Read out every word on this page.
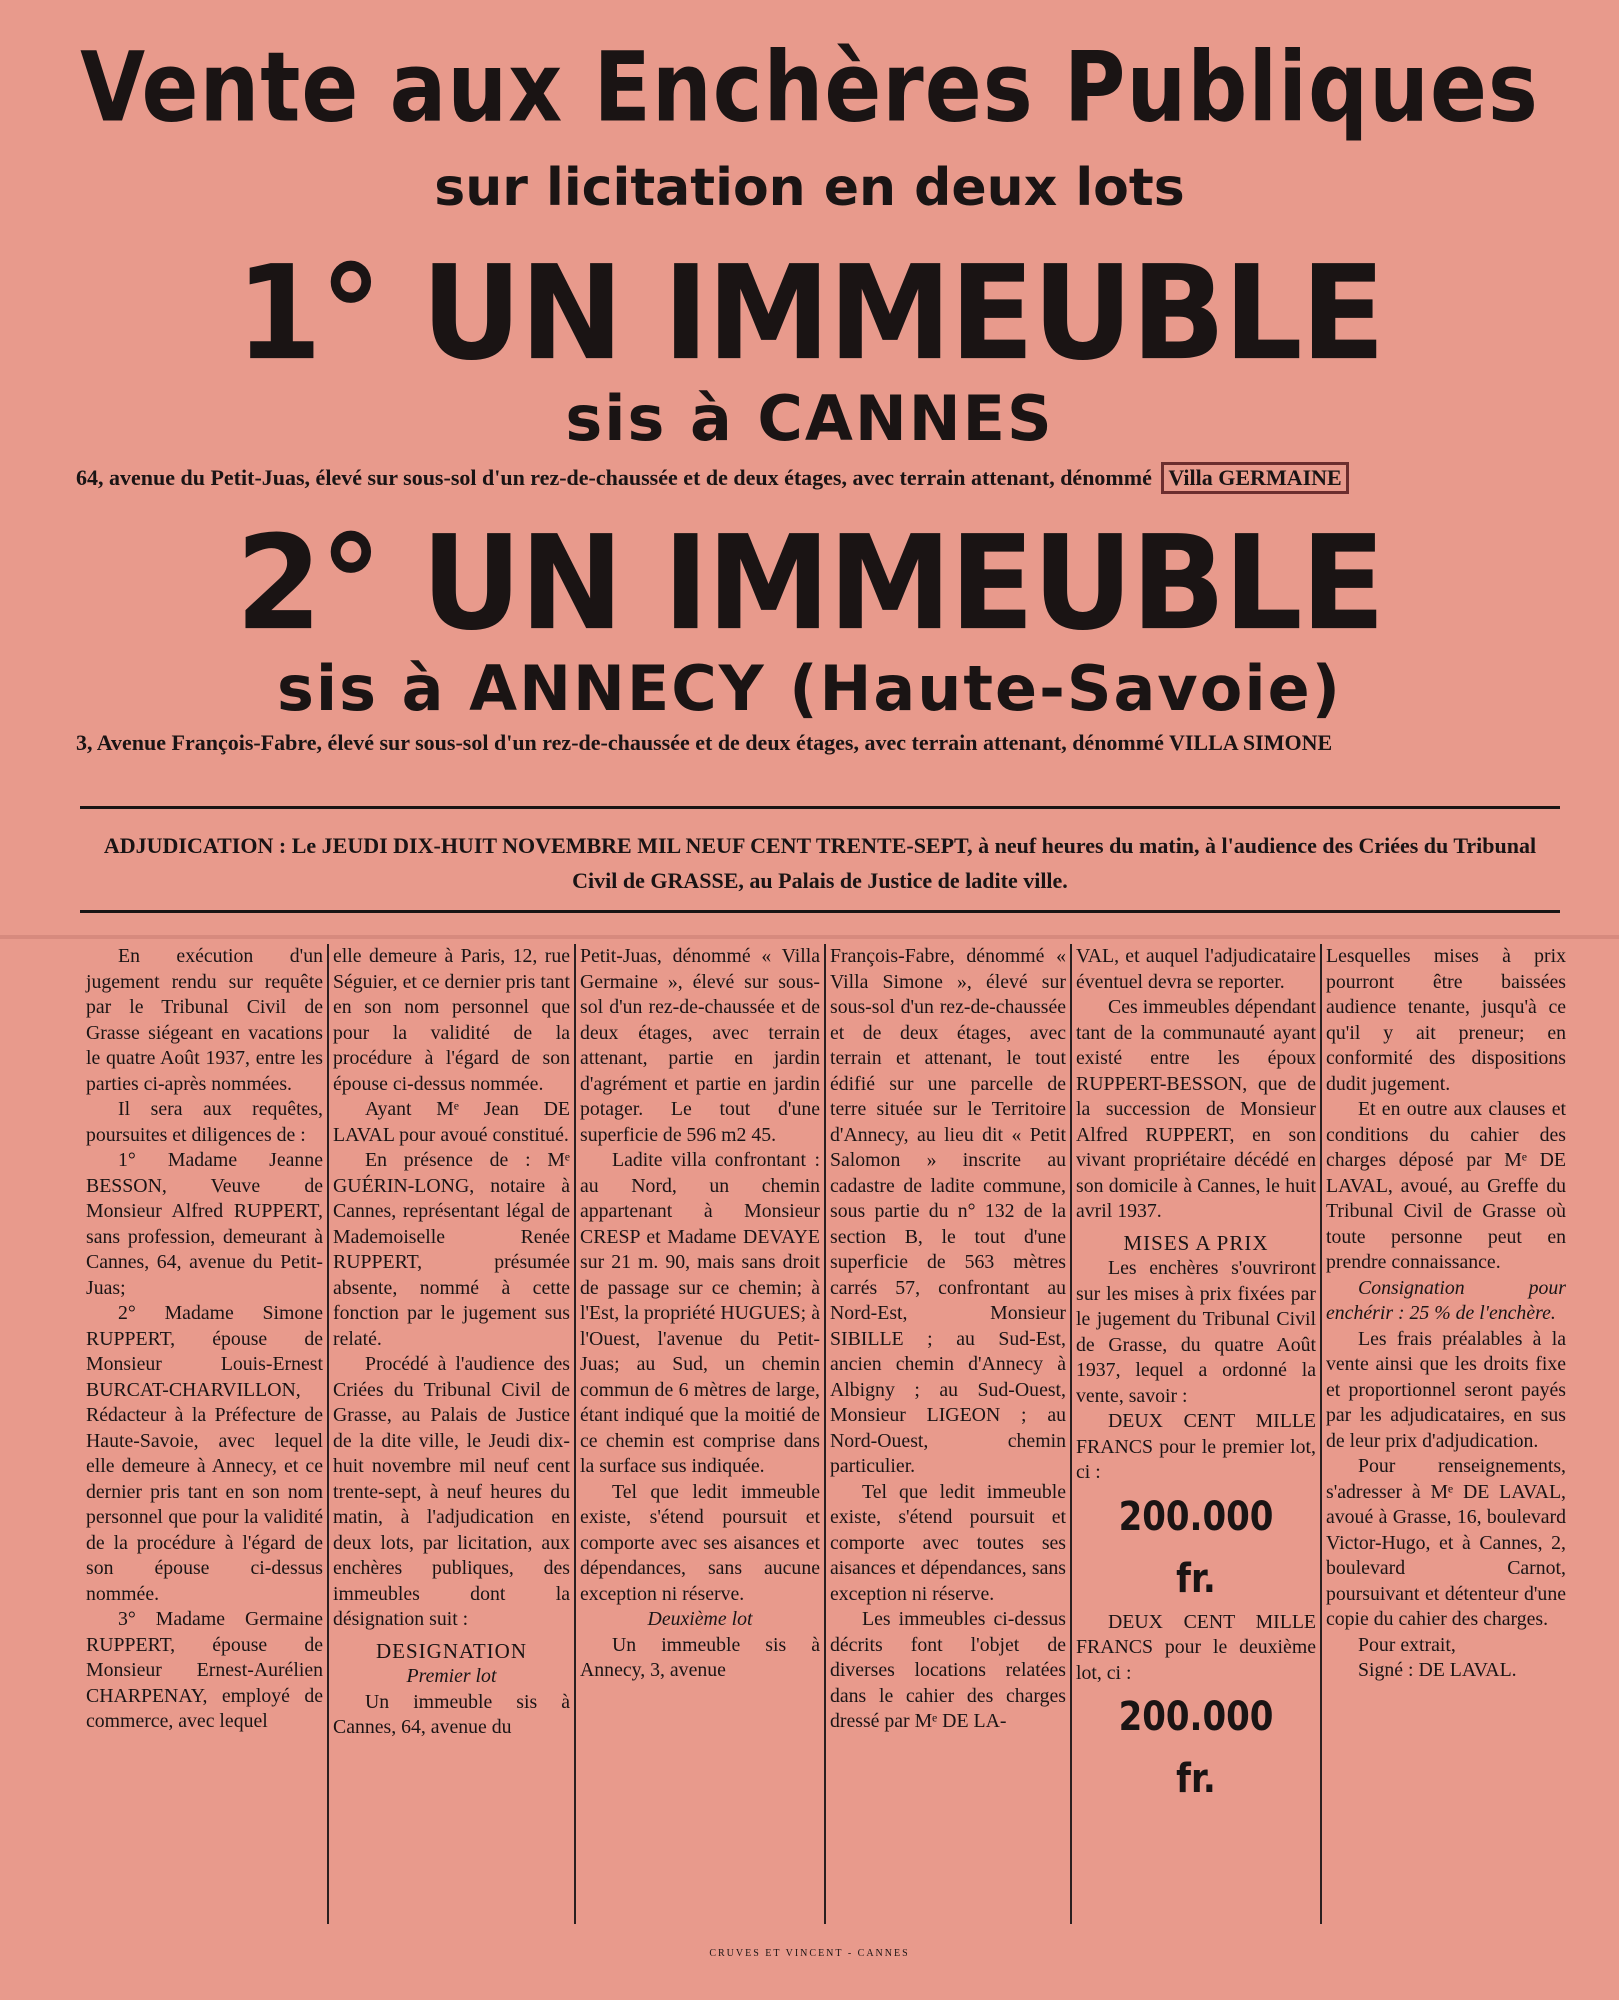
Vente aux Enchères Publiques
sur licitation en deux lots
1° UN IMMEUBLE
sis à CANNES
64, avenue du Petit-Juas, élevé sur sous-sol d'un rez-de-chaussée et de deux étages, avec terrain attenant, dénommé Villa GERMAINE
2° UN IMMEUBLE
sis à ANNECY (Haute-Savoie)
3, Avenue François-Fabre, élevé sur sous-sol d'un rez-de-chaussée et de deux étages, avec terrain attenant, dénommé VILLA SIMONE
ADJUDICATION : Le JEUDI DIX-HUIT NOVEMBRE MIL NEUF CENT TRENTE-SEPT, à neuf heures du matin, à l'audience des Criées du Tribunal Civil de GRASSE, au Palais de Justice de ladite ville.

En exécution d'un jugement rendu sur requête par le Tribunal Civil de Grasse siégeant en vacations le quatre Août 1937, entre les parties ci-après nommées.

Il sera aux requêtes, poursuites et diligences de :

1° Madame Jeanne BESSON, Veuve de Monsieur Alfred RUPPERT, sans profession, demeurant à Cannes, 64, avenue du Petit-Juas;

2° Madame Simone RUPPERT, épouse de Monsieur Louis-Ernest BURCAT-CHARVILLON, Rédacteur à la Préfecture de Haute-Savoie, avec lequel elle demeure à Annecy, et ce dernier pris tant en son nom personnel que pour la validité de la procédure à l'égard de son épouse ci-dessus nommée.

3° Madame Germaine RUPPERT, épouse de Monsieur Ernest-Aurélien CHARPENAY, employé de commerce, avec lequel

elle demeure à Paris, 12, rue Séguier, et ce dernier pris tant en son nom personnel que pour la validité de la procédure à l'égard de son épouse ci-dessus nommée.

Ayant Mᵉ Jean DE LAVAL pour avoué constitué.

En présence de : Mᵉ GUÉRIN-LONG, notaire à Cannes, représentant légal de Mademoiselle Renée RUPPERT, présumée absente, nommé à cette fonction par le jugement sus relaté.

Procédé à l'audience des Criées du Tribunal Civil de Grasse, au Palais de Justice de la dite ville, le Jeudi dix-huit novembre mil neuf cent trente-sept, à neuf heures du matin, à l'adjudication en deux lots, par licitation, aux enchères publiques, des immeubles dont la désignation suit :

DESIGNATION

Premier lot

Un immeuble sis à Cannes, 64, avenue du

Petit-Juas, dénommé « Villa Germaine », élevé sur sous-sol d'un rez-de-chaussée et de deux étages, avec terrain attenant, partie en jardin d'agrément et partie en jardin potager. Le tout d'une superficie de 596 m2 45.

Ladite villa confrontant : au Nord, un chemin appartenant à Monsieur CRESP et Madame DEVAYE sur 21 m. 90, mais sans droit de passage sur ce chemin; à l'Est, la propriété HUGUES; à l'Ouest, l'avenue du Petit-Juas; au Sud, un chemin commun de 6 mètres de large, étant indiqué que la moitié de ce chemin est comprise dans la surface sus indiquée.

Tel que ledit immeuble existe, s'étend poursuit et comporte avec ses aisances et dépendances, sans aucune exception ni réserve.

Deuxième lot

Un immeuble sis à Annecy, 3, avenue

François-Fabre, dénommé « Villa Simone », élevé sur sous-sol d'un rez-de-chaussée et de deux étages, avec terrain et attenant, le tout édifié sur une parcelle de terre située sur le Territoire d'Annecy, au lieu dit « Petit Salomon » inscrite au cadastre de ladite commune, sous partie du n° 132 de la section B, le tout d'une superficie de 563 mètres carrés 57, confrontant au Nord-Est, Monsieur SIBILLE ; au Sud-Est, ancien chemin d'Annecy à Albigny ; au Sud-Ouest, Monsieur LIGEON ; au Nord-Ouest, chemin particulier.

Tel que ledit immeuble existe, s'étend poursuit et comporte avec toutes ses aisances et dépendances, sans exception ni réserve.

Les immeubles ci-dessus décrits font l'objet de diverses locations relatées dans le cahier des charges dressé par Mᵉ DE LA-

VAL, et auquel l'adjudicataire éventuel devra se reporter.

Ces immeubles dépendant tant de la communauté ayant existé entre les époux RUPPERT-BESSON, que de la succession de Monsieur Alfred RUPPERT, en son vivant propriétaire décédé en son domicile à Cannes, le huit avril 1937.

MISES A PRIX

Les enchères s'ouvriront sur les mises à prix fixées par le jugement du Tribunal Civil de Grasse, du quatre Août 1937, lequel a ordonné la vente, savoir :

DEUX CENT MILLE FRANCS pour le premier lot, ci :

200.000 fr.

DEUX CENT MILLE FRANCS pour le deuxième lot, ci :

200.000 fr.

Lesquelles mises à prix pourront être baissées audience tenante, jusqu'à ce qu'il y ait preneur; en conformité des dispositions dudit jugement.

Et en outre aux clauses et conditions du cahier des charges déposé par Mᵉ DE LAVAL, avoué, au Greffe du Tribunal Civil de Grasse où toute personne peut en prendre connaissance.

Consignation pour enchérir : 25 % de l'enchère.

Les frais préalables à la vente ainsi que les droits fixe et proportionnel seront payés par les adjudicataires, en sus de leur prix d'adjudication.

Pour renseignements, s'adresser à Mᵉ DE LAVAL, avoué à Grasse, 16, boulevard Victor-Hugo, et à Cannes, 2, boulevard Carnot, poursuivant et détenteur d'une copie du cahier des charges.

Pour extrait,

Signé : DE LAVAL.

CRUVES ET VINCENT - CANNES
